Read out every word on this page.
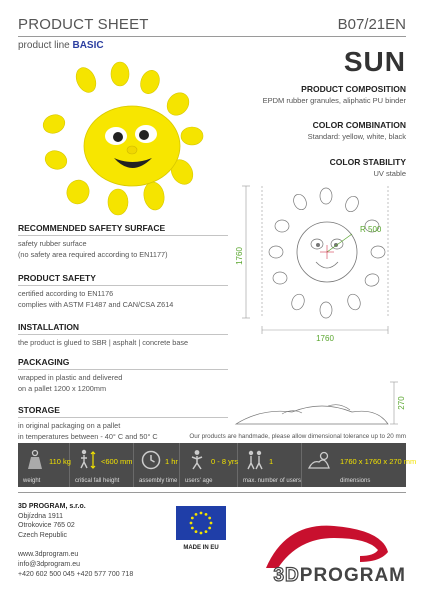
PRODUCT SHEET	B07/21EN
product line BASIC
SUN
PRODUCT COMPOSITION
EPDM rubber granules, aliphatic PU binder
COLOR COMBINATION
Standard: yellow, white, black
COLOR STABILITY
UV stable
R 500
1760
1760
270
RECOMMENDED SAFETY SURFACE
safety rubber surface
(no safety area required according to EN1177)
PRODUCT SAFETY
certified according to EN1176
complies with ASTM F1487 and CAN/CSA Z614
INSTALLATION
the product is glued to SBR | asphalt | concrete base
PACKAGING
wrapped in plastic and delivered
on a pallet 1200 x 1200mm
STORAGE
in original packaging on a pallet
in temperatures between - 40° C and 50° C	Our products are handmade, please allow dimensional tolerance up to 20 mm
110 kg
weight
<600 mm
critical fall height
1 hr
assembly time
0 - 8 yrs
users' age
1
max. number of users
1760 x 1760 x 270 mm
dimensions
3D PROGRAM, s.r.o.
Objízdna 1911
Otrokovice 765 02
Czech Republic
www.3dprogram.eu
info@3dprogram.eu
+420 602 500 045 +420 577 700 718
MADE IN EU
3DPROGRAM
